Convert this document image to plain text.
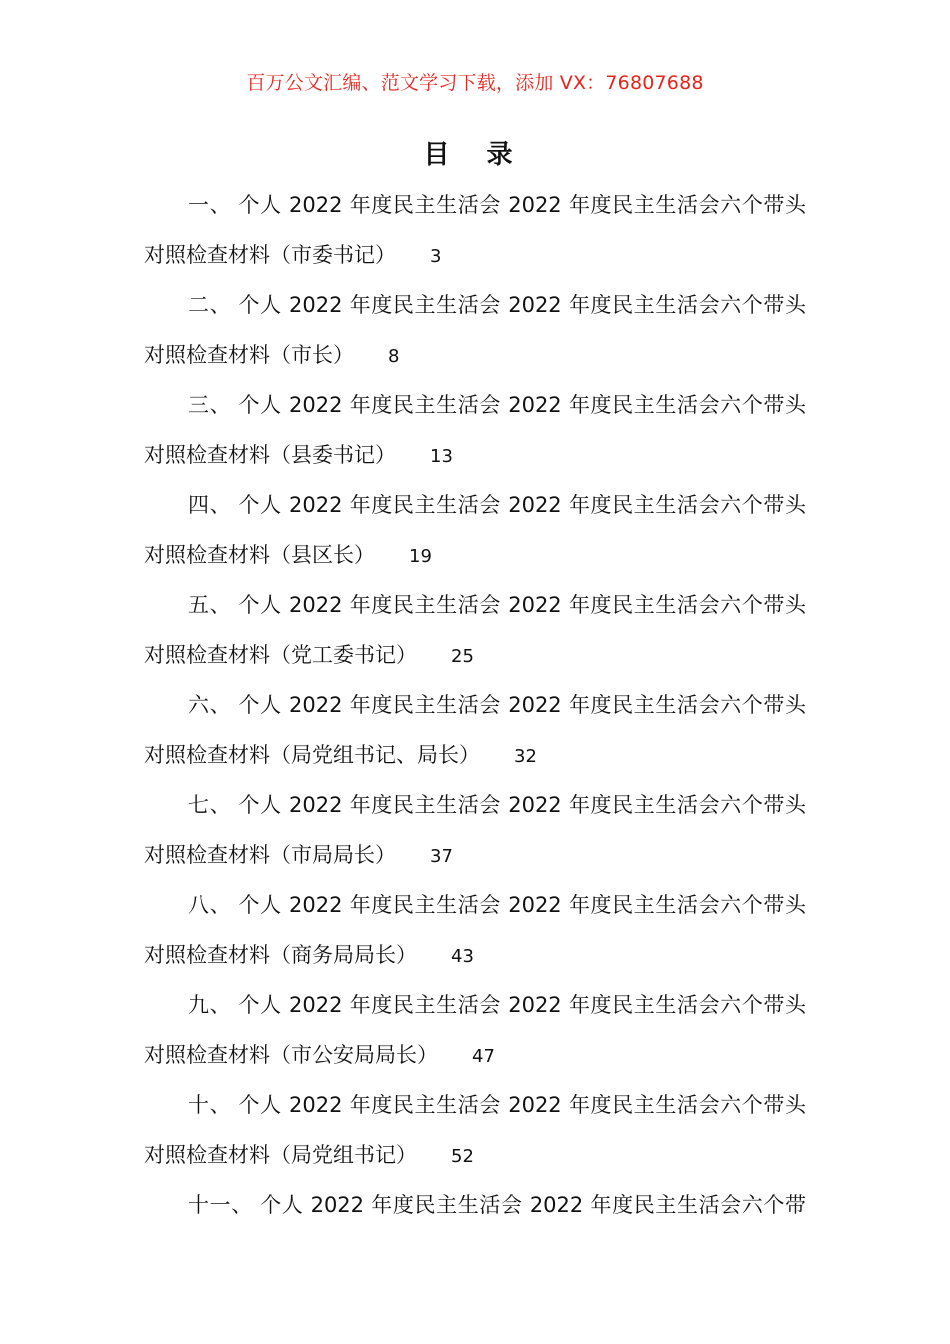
百万公文汇编、范文学习下载，添加 VX：76807688
目 录
一、 个人 2022 年度民主生活会 2022 年度民主生活会六个带头
对照检查材料（市委书记） 3
二、 个人 2022 年度民主生活会 2022 年度民主生活会六个带头
对照检查材料（市长） 8
三、 个人 2022 年度民主生活会 2022 年度民主生活会六个带头
对照检查材料（县委书记） 13
四、 个人 2022 年度民主生活会 2022 年度民主生活会六个带头
对照检查材料（县区长） 19
五、 个人 2022 年度民主生活会 2022 年度民主生活会六个带头
对照检查材料（党工委书记） 25
六、 个人 2022 年度民主生活会 2022 年度民主生活会六个带头
对照检查材料（局党组书记、局长） 32
七、 个人 2022 年度民主生活会 2022 年度民主生活会六个带头
对照检查材料（市局局长） 37
八、 个人 2022 年度民主生活会 2022 年度民主生活会六个带头
对照检查材料（商务局局长） 43
九、 个人 2022 年度民主生活会 2022 年度民主生活会六个带头
对照检查材料（市公安局局长） 47
十、 个人 2022 年度民主生活会 2022 年度民主生活会六个带头
对照检查材料（局党组书记） 52
十一、 个人 2022 年度民主生活会 2022 年度民主生活会六个带
